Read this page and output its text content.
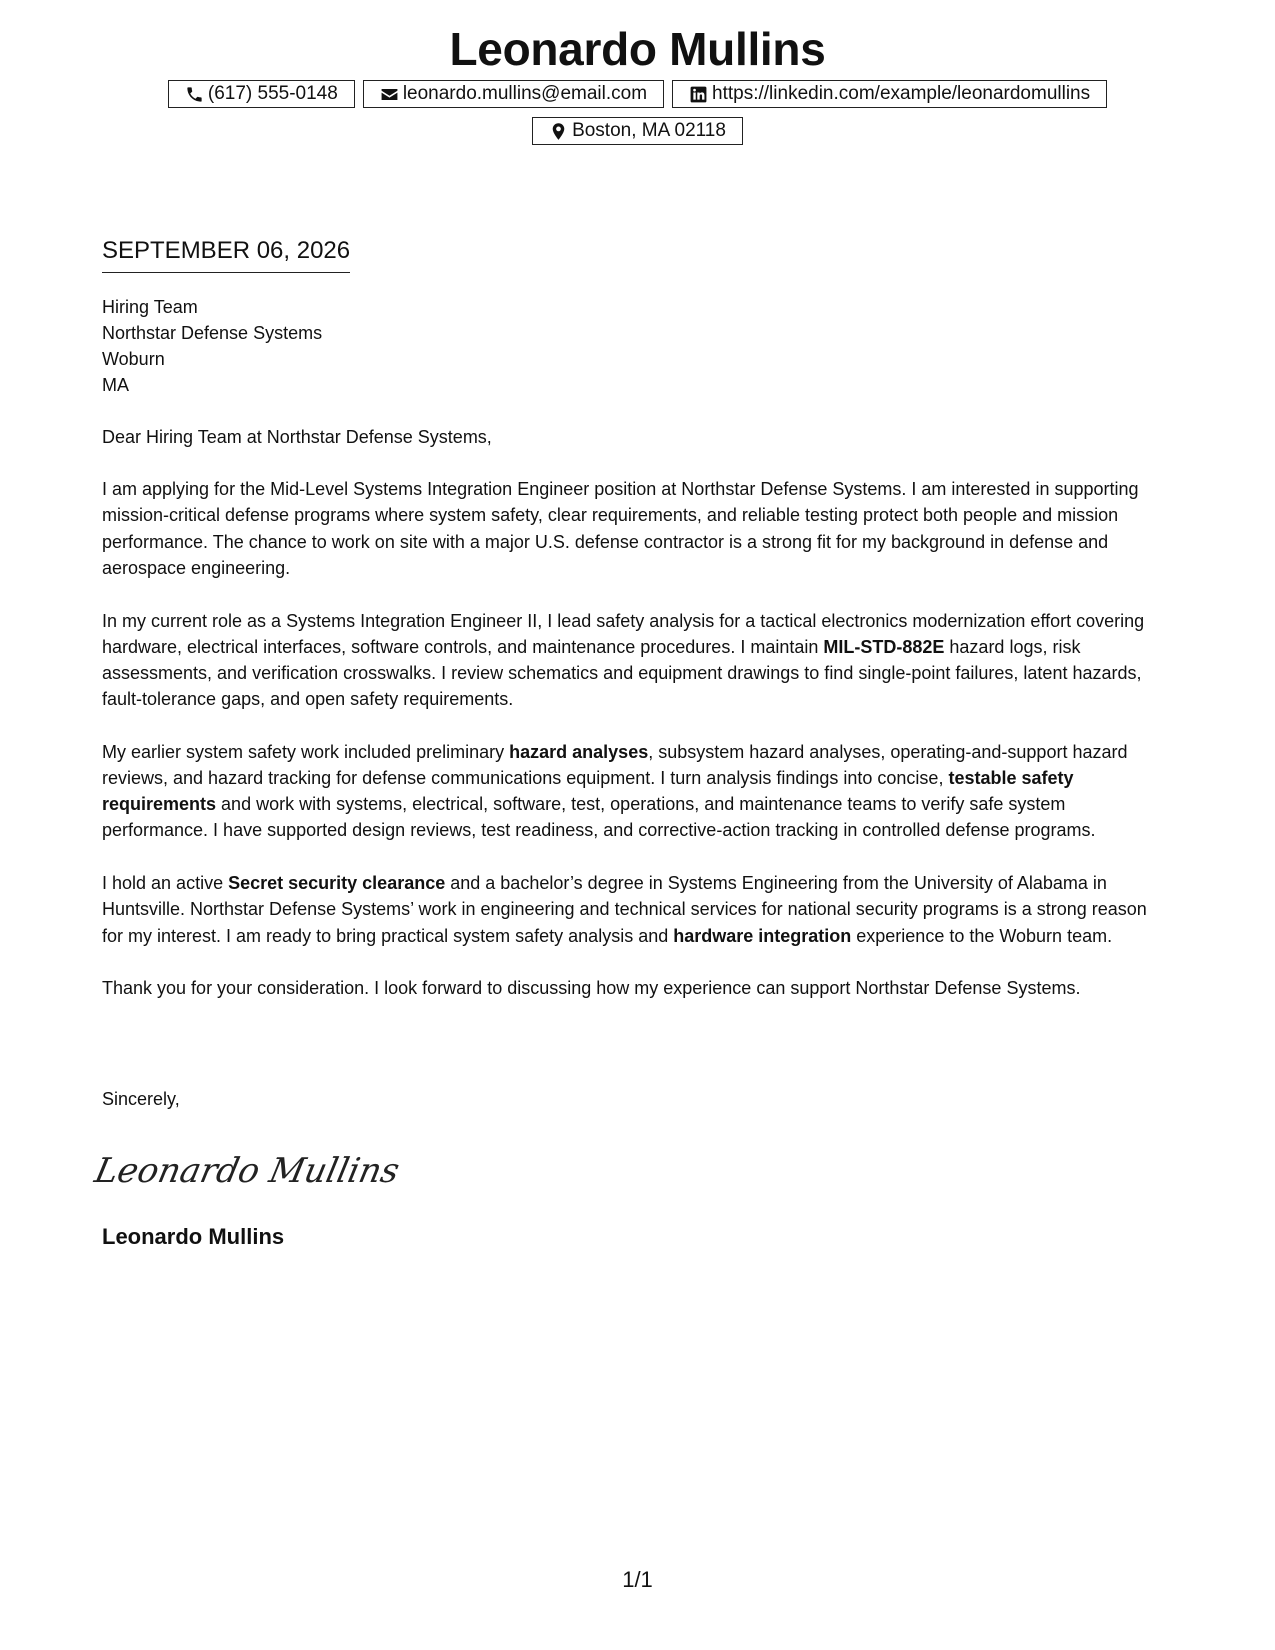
Leonardo Mullins
(617) 555-0148	leonardo.mullins@email.com	https://linkedin.com/example/leonardomullins
Boston, MA 02118
SEPTEMBER 06, 2026
Hiring Team
Northstar Defense Systems
Woburn
MA

Dear Hiring Team at Northstar Defense Systems,

I am applying for the Mid-Level Systems Integration Engineer position at Northstar Defense Systems. I am interested in supporting mission-critical defense programs where system safety, clear requirements, and reliable testing protect both people and mission performance. The chance to work on site with a major U.S. defense contractor is a strong fit for my background in defense and aerospace engineering.

In my current role as a Systems Integration Engineer II, I lead safety analysis for a tactical electronics modernization effort covering hardware, electrical interfaces, software controls, and maintenance procedures. I maintain MIL-STD-882E hazard logs, risk assessments, and verification crosswalks. I review schematics and equipment drawings to find single-point failures, latent hazards, fault-tolerance gaps, and open safety requirements.

My earlier system safety work included preliminary hazard analyses, subsystem hazard analyses, operating-and-support hazard reviews, and hazard tracking for defense communications equipment. I turn analysis findings into concise, testable safety requirements and work with systems, electrical, software, test, operations, and maintenance teams to verify safe system performance. I have supported design reviews, test readiness, and corrective-action tracking in controlled defense programs.

I hold an active Secret security clearance and a bachelor’s degree in Systems Engineering from the University of Alabama in Huntsville. Northstar Defense Systems’ work in engineering and technical services for national security programs is a strong reason for my interest. I am ready to bring practical system safety analysis and hardware integration experience to the Woburn team.

Thank you for your consideration. I look forward to discussing how my experience can support Northstar Defense Systems.

Sincerely,
Leonardo Mullins
Leonardo Mullins
1/1
